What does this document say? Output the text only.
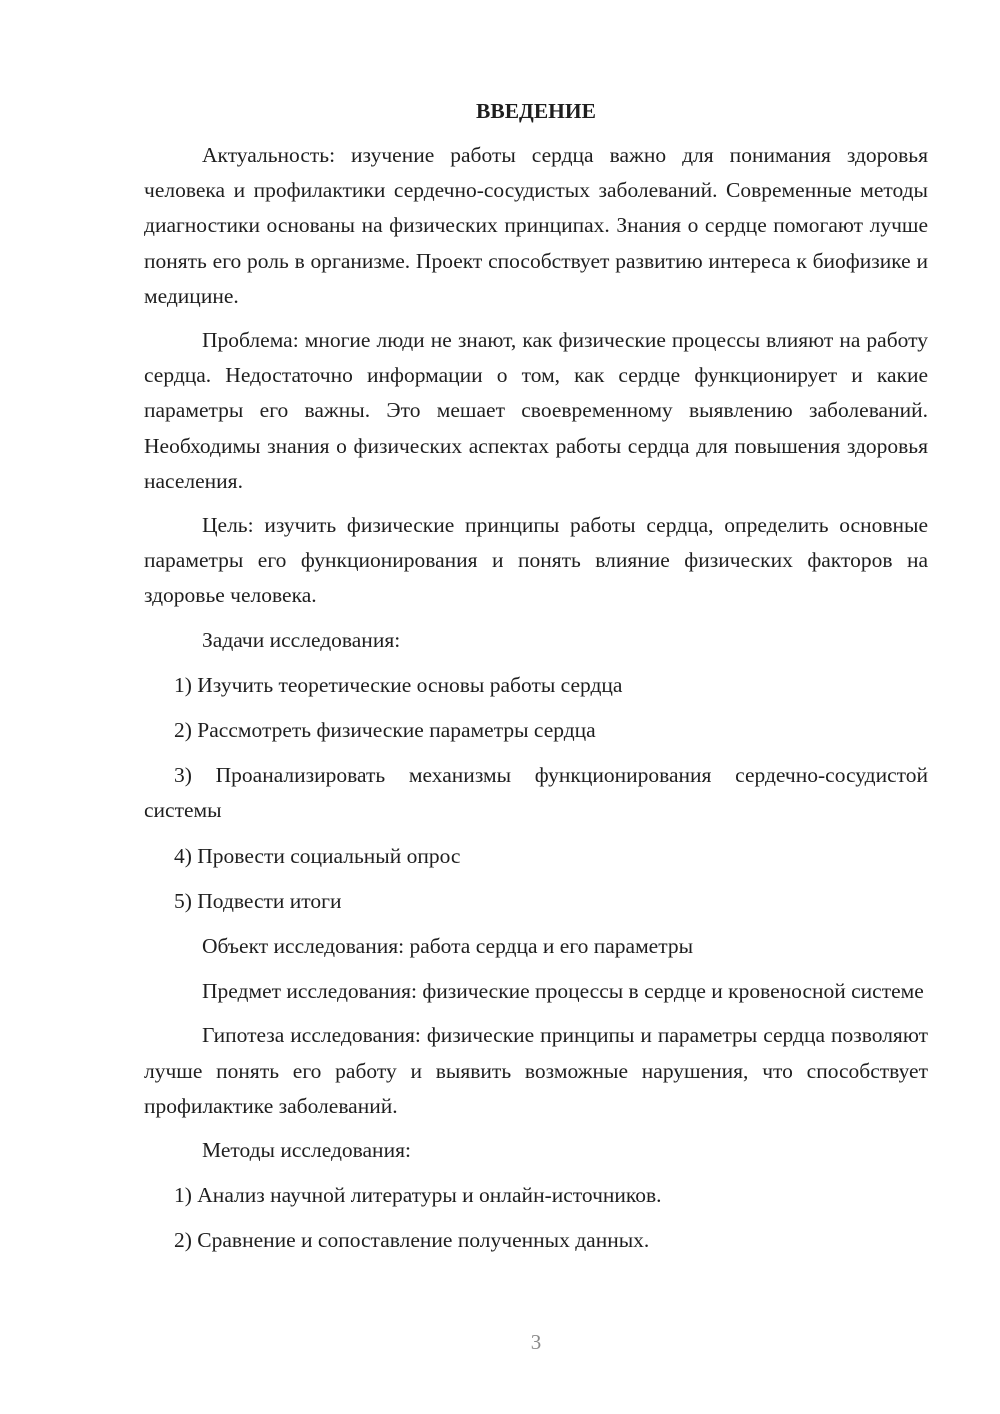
ВВЕДЕНИЕ
Актуальность: изучение работы сердца важно для понимания здоровья человека и профилактики сердечно-сосудистых заболеваний. Современные методы диагностики основаны на физических принципах. Знания о сердце помогают лучше понять его роль в организме. Проект способствует развитию интереса к биофизике и медицине.
Проблема: многие люди не знают, как физические процессы влияют на работу сердца. Недостаточно информации о том, как сердце функционирует и какие параметры его важны. Это мешает своевременному выявлению заболеваний. Необходимы знания о физических аспектах работы сердца для повышения здоровья населения.
Цель: изучить физические принципы работы сердца, определить основные параметры его функционирования и понять влияние физических факторов на здоровье человека.
Задачи исследования:
1) Изучить теоретические основы работы сердца
2) Рассмотреть физические параметры сердца
3) Проанализировать механизмы функционирования сердечно-сосудистой системы
4) Провести социальный опрос
5) Подвести итоги
Объект исследования: работа сердца и его параметры
Предмет исследования: физические процессы в сердце и кровеносной системе
Гипотеза исследования: физические принципы и параметры сердца позволяют лучше понять его работу и выявить возможные нарушения, что способствует профилактике заболеваний.
Методы исследования:
1) Анализ научной литературы и онлайн-источников.
2) Сравнение и сопоставление полученных данных.
3
